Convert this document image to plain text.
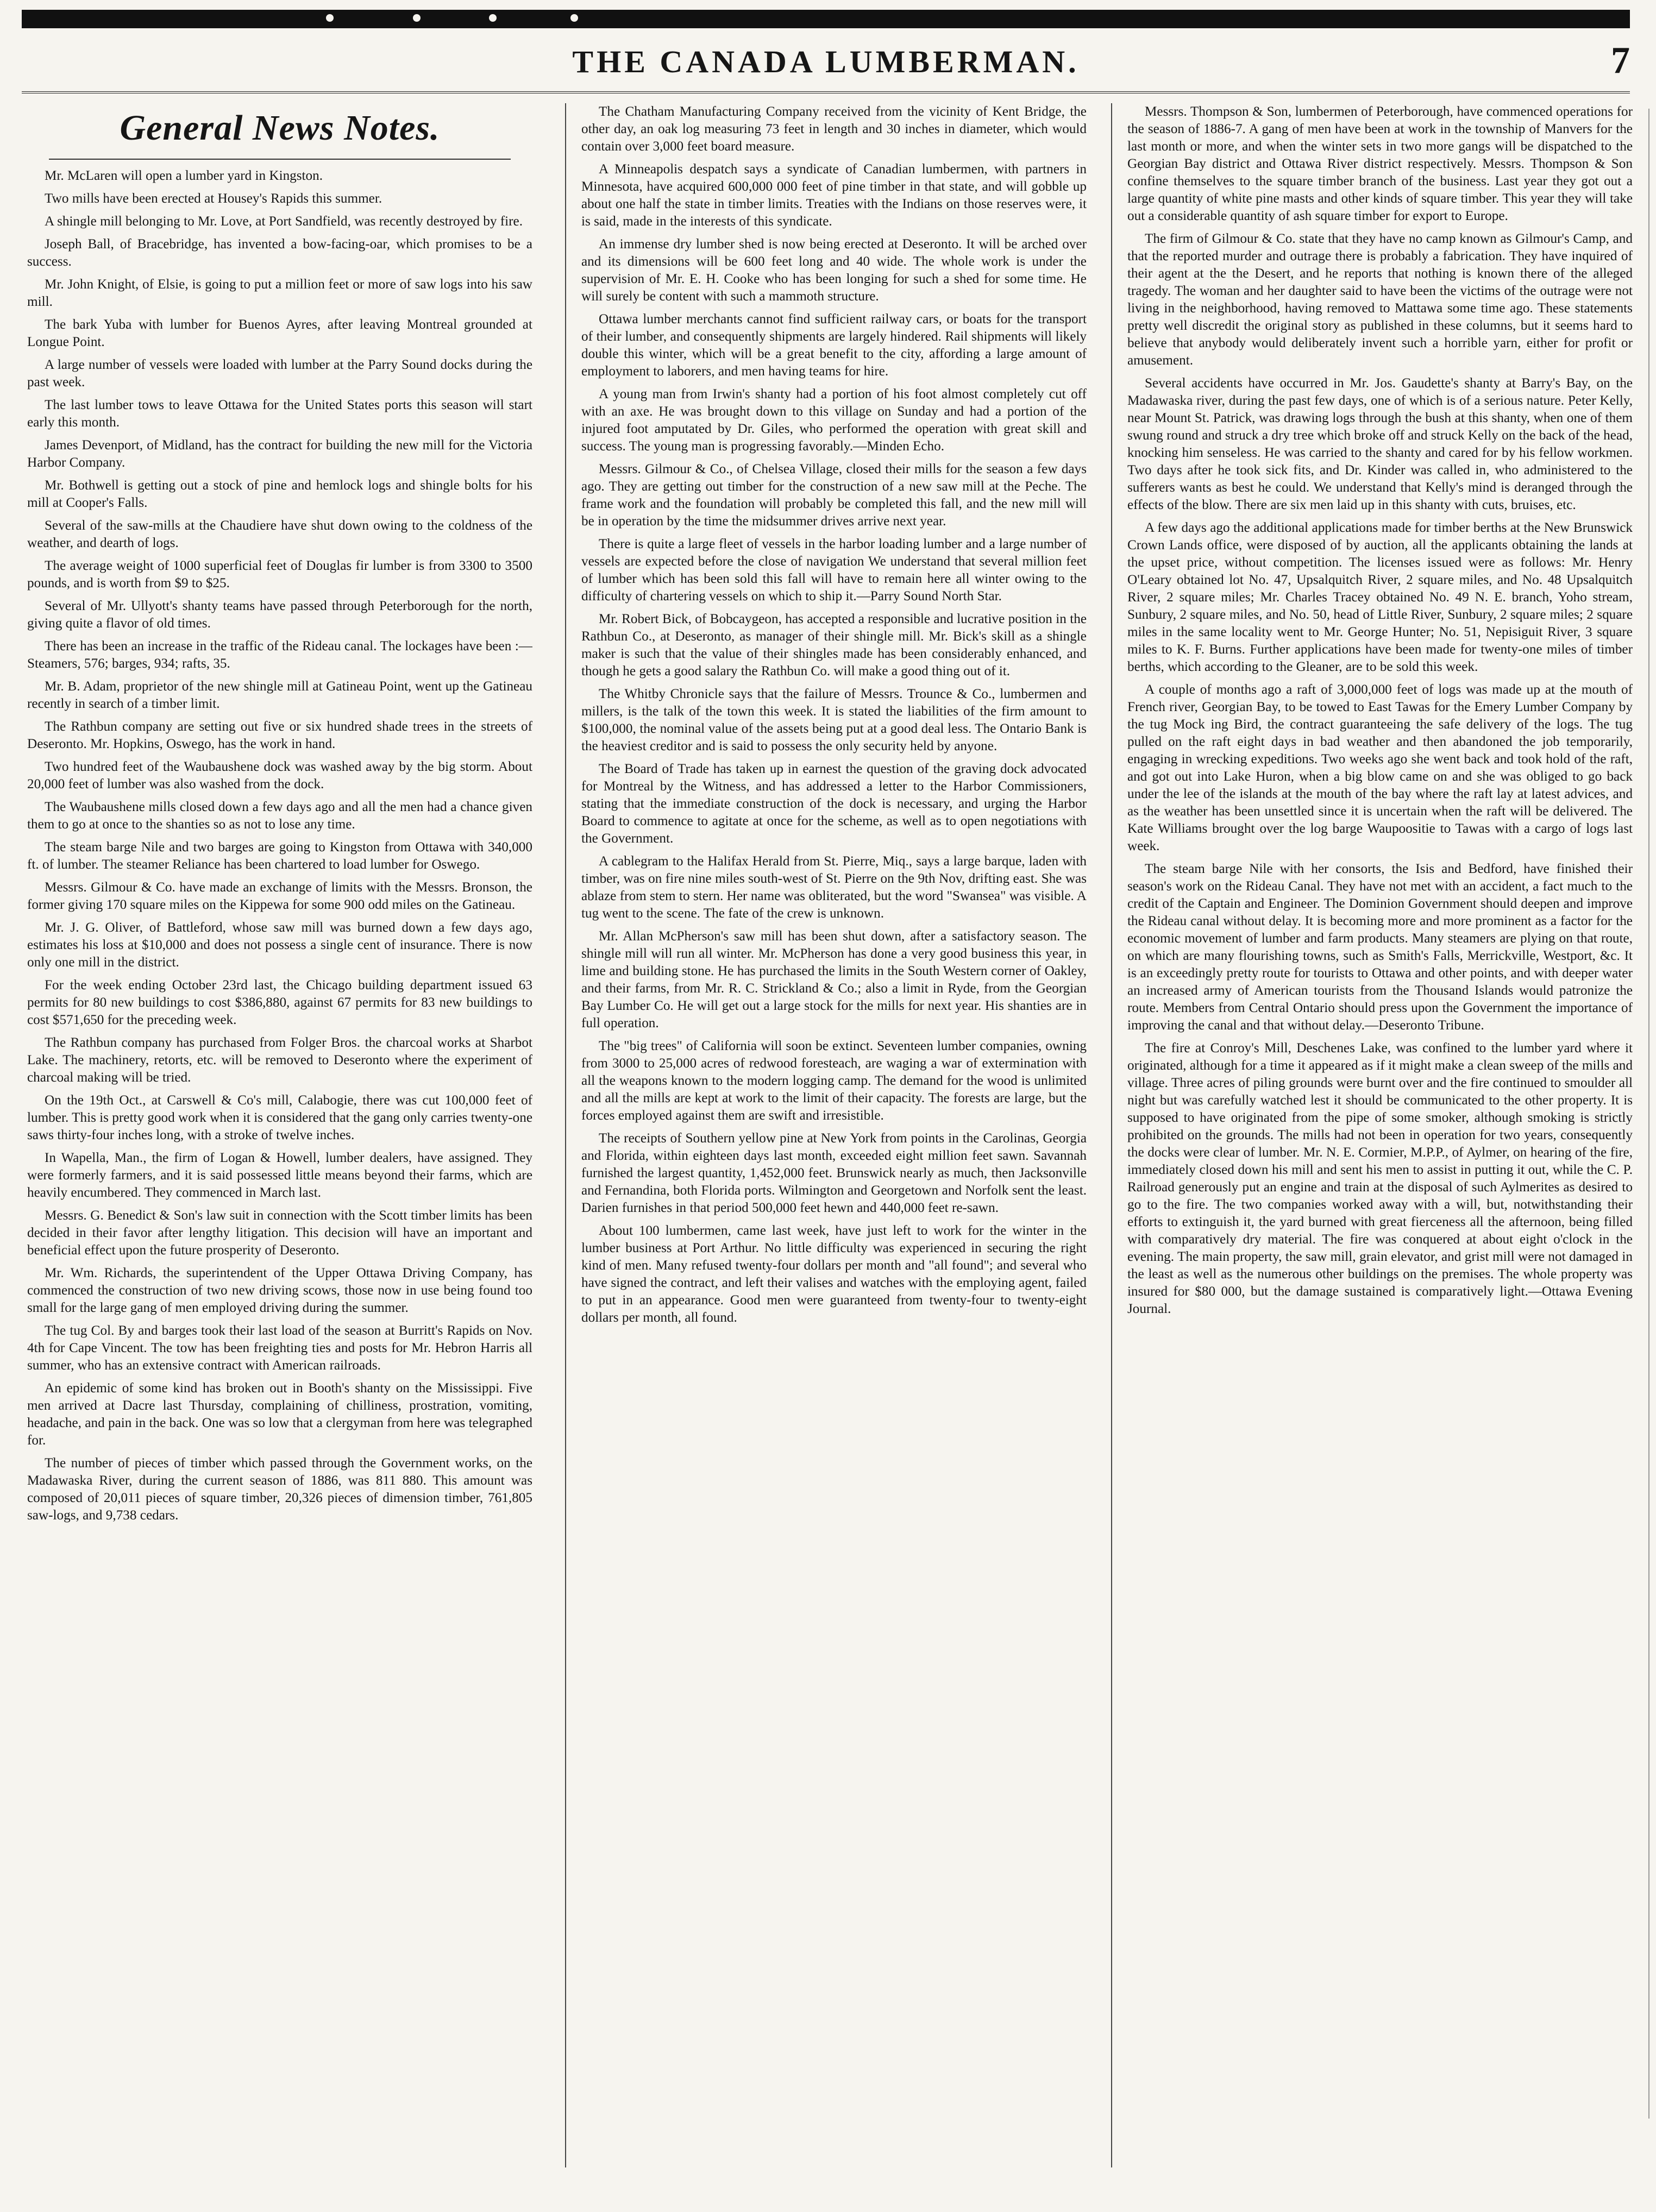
THE CANADA LUMBERMAN.	7
General News Notes.

Mr. McLaren will open a lumber yard in Kingston.

Two mills have been erected at Housey's Rapids this summer.

A shingle mill belonging to Mr. Love, at Port Sandfield, was recently destroyed by fire.

Joseph Ball, of Bracebridge, has invented a bow-facing-oar, which promises to be a success.

Mr. John Knight, of Elsie, is going to put a million feet or more of saw logs into his saw mill.

The bark Yuba with lumber for Buenos Ayres, after leaving Montreal grounded at Longue Point.

A large number of vessels were loaded with lumber at the Parry Sound docks during the past week.

The last lumber tows to leave Ottawa for the United States ports this season will start early this month.

James Devenport, of Midland, has the contract for building the new mill for the Victoria Harbor Company.

Mr. Bothwell is getting out a stock of pine and hemlock logs and shingle bolts for his mill at Cooper's Falls.

Several of the saw-mills at the Chaudiere have shut down owing to the coldness of the weather, and dearth of logs.

The average weight of 1000 superficial feet of Douglas fir lumber is from 3300 to 3500 pounds, and is worth from $9 to $25.

Several of Mr. Ullyott's shanty teams have passed through Peterborough for the north, giving quite a flavor of old times.

There has been an increase in the traffic of the Rideau canal. The lockages have been :—Steamers, 576; barges, 934; rafts, 35.

Mr. B. Adam, proprietor of the new shingle mill at Gatineau Point, went up the Gatineau recently in search of a timber limit.

The Rathbun company are setting out five or six hundred shade trees in the streets of Deseronto. Mr. Hopkins, Oswego, has the work in hand.

Two hundred feet of the Waubaushene dock was washed away by the big storm. About 20,000 feet of lumber was also washed from the dock.

The Waubaushene mills closed down a few days ago and all the men had a chance given them to go at once to the shanties so as not to lose any time.

The steam barge Nile and two barges are going to Kingston from Ottawa with 340,000 ft. of lumber. The steamer Reliance has been chartered to load lumber for Oswego.

Messrs. Gilmour & Co. have made an exchange of limits with the Messrs. Bronson, the former giving 170 square miles on the Kippewa for some 900 odd miles on the Gatineau.

Mr. J. G. Oliver, of Battleford, whose saw mill was burned down a few days ago, estimates his loss at $10,000 and does not possess a single cent of insurance. There is now only one mill in the district.

For the week ending October 23rd last, the Chicago building department issued 63 permits for 80 new buildings to cost $386,880, against 67 permits for 83 new buildings to cost $571,650 for the preceding week.

The Rathbun company has purchased from Folger Bros. the charcoal works at Sharbot Lake. The machinery, retorts, etc. will be removed to Deseronto where the experiment of charcoal making will be tried.

On the 19th Oct., at Carswell & Co's mill, Calabogie, there was cut 100,000 feet of lumber. This is pretty good work when it is considered that the gang only carries twenty-one saws thirty-four inches long, with a stroke of twelve inches.

In Wapella, Man., the firm of Logan & Howell, lumber dealers, have assigned. They were formerly farmers, and it is said possessed little means beyond their farms, which are heavily encumbered. They commenced in March last.

Messrs. G. Benedict & Son's law suit in connection with the Scott timber limits has been decided in their favor after lengthy litigation. This decision will have an important and beneficial effect upon the future prosperity of Deseronto.

Mr. Wm. Richards, the superintendent of the Upper Ottawa Driving Company, has commenced the construction of two new driving scows, those now in use being found too small for the large gang of men employed driving during the summer.

The tug Col. By and barges took their last load of the season at Burritt's Rapids on Nov. 4th for Cape Vincent. The tow has been freighting ties and posts for Mr. Hebron Harris all summer, who has an extensive contract with American railroads.

An epidemic of some kind has broken out in Booth's shanty on the Mississippi. Five men arrived at Dacre last Thursday, complaining of chilliness, prostration, vomiting, headache, and pain in the back. One was so low that a clergyman from here was telegraphed for.

The number of pieces of timber which passed through the Government works, on the Madawaska River, during the current season of 1886, was 811 880. This amount was composed of 20,011 pieces of square timber, 20,326 pieces of dimension timber, 761,805 saw-logs, and 9,738 cedars.

The Chatham Manufacturing Company received from the vicinity of Kent Bridge, the other day, an oak log measuring 73 feet in length and 30 inches in diameter, which would contain over 3,000 feet board measure.

A Minneapolis despatch says a syndicate of Canadian lumbermen, with partners in Minnesota, have acquired 600,000 000 feet of pine timber in that state, and will gobble up about one half the state in timber limits. Treaties with the Indians on those reserves were, it is said, made in the interests of this syndicate.

An immense dry lumber shed is now being erected at Deseronto. It will be arched over and its dimensions will be 600 feet long and 40 wide. The whole work is under the supervision of Mr. E. H. Cooke who has been longing for such a shed for some time. He will surely be content with such a mammoth structure.

Ottawa lumber merchants cannot find sufficient railway cars, or boats for the transport of their lumber, and consequently shipments are largely hindered. Rail shipments will likely double this winter, which will be a great benefit to the city, affording a large amount of employment to laborers, and men having teams for hire.

A young man from Irwin's shanty had a portion of his foot almost completely cut off with an axe. He was brought down to this village on Sunday and had a portion of the injured foot amputated by Dr. Giles, who performed the operation with great skill and success. The young man is progressing favorably.—Minden Echo.

Messrs. Gilmour & Co., of Chelsea Village, closed their mills for the season a few days ago. They are getting out timber for the construction of a new saw mill at the Peche. The frame work and the foundation will probably be completed this fall, and the new mill will be in operation by the time the midsummer drives arrive next year.

There is quite a large fleet of vessels in the harbor loading lumber and a large number of vessels are expected before the close of navigation We understand that several million feet of lumber which has been sold this fall will have to remain here all winter owing to the difficulty of chartering vessels on which to ship it.—Parry Sound North Star.

Mr. Robert Bick, of Bobcaygeon, has accepted a responsible and lucrative position in the Rathbun Co., at Deseronto, as manager of their shingle mill. Mr. Bick's skill as a shingle maker is such that the value of their shingles made has been considerably enhanced, and though he gets a good salary the Rathbun Co. will make a good thing out of it.

The Whitby Chronicle says that the failure of Messrs. Trounce & Co., lumbermen and millers, is the talk of the town this week. It is stated the liabilities of the firm amount to $100,000, the nominal value of the assets being put at a good deal less. The Ontario Bank is the heaviest creditor and is said to possess the only security held by anyone.

The Board of Trade has taken up in earnest the question of the graving dock advocated for Montreal by the Witness, and has addressed a letter to the Harbor Commissioners, stating that the immediate construction of the dock is necessary, and urging the Harbor Board to commence to agitate at once for the scheme, as well as to open negotiations with the Government.

A cablegram to the Halifax Herald from St. Pierre, Miq., says a large barque, laden with timber, was on fire nine miles south-west of St. Pierre on the 9th Nov, drifting east. She was ablaze from stem to stern. Her name was obliterated, but the word "Swansea" was visible. A tug went to the scene. The fate of the crew is unknown.

Mr. Allan McPherson's saw mill has been shut down, after a satisfactory season. The shingle mill will run all winter. Mr. McPherson has done a very good business this year, in lime and building stone. He has purchased the limits in the South Western corner of Oakley, and their farms, from Mr. R. C. Strickland & Co.; also a limit in Ryde, from the Georgian Bay Lumber Co. He will get out a large stock for the mills for next year. His shanties are in full operation.

The "big trees" of California will soon be extinct. Seventeen lumber companies, owning from 3000 to 25,000 acres of redwood foresteach, are waging a war of extermination with all the weapons known to the modern logging camp. The demand for the wood is unlimited and all the mills are kept at work to the limit of their capacity. The forests are large, but the forces employed against them are swift and irresistible.

The receipts of Southern yellow pine at New York from points in the Carolinas, Georgia and Florida, within eighteen days last month, exceeded eight million feet sawn. Savannah furnished the largest quantity, 1,452,000 feet. Brunswick nearly as much, then Jacksonville and Fernandina, both Florida ports. Wilmington and Georgetown and Norfolk sent the least. Darien furnishes in that period 500,000 feet hewn and 440,000 feet re-sawn.

About 100 lumbermen, came last week, have just left to work for the winter in the lumber business at Port Arthur. No little difficulty was experienced in securing the right kind of men. Many refused twenty-four dollars per month and "all found"; and several who have signed the contract, and left their valises and watches with the employing agent, failed to put in an appearance. Good men were guaranteed from twenty-four to twenty-eight dollars per month, all found.

Messrs. Thompson & Son, lumbermen of Peterborough, have commenced operations for the season of 1886-7. A gang of men have been at work in the township of Manvers for the last month or more, and when the winter sets in two more gangs will be dispatched to the Georgian Bay district and Ottawa River district respectively. Messrs. Thompson & Son confine themselves to the square timber branch of the business. Last year they got out a large quantity of white pine masts and other kinds of square timber. This year they will take out a considerable quantity of ash square timber for export to Europe.

The firm of Gilmour & Co. state that they have no camp known as Gilmour's Camp, and that the reported murder and outrage there is probably a fabrication. They have inquired of their agent at the the Desert, and he reports that nothing is known there of the alleged tragedy. The woman and her daughter said to have been the victims of the outrage were not living in the neighborhood, having removed to Mattawa some time ago. These statements pretty well discredit the original story as published in these columns, but it seems hard to believe that anybody would deliberately invent such a horrible yarn, either for profit or amusement.

Several accidents have occurred in Mr. Jos. Gaudette's shanty at Barry's Bay, on the Madawaska river, during the past few days, one of which is of a serious nature. Peter Kelly, near Mount St. Patrick, was drawing logs through the bush at this shanty, when one of them swung round and struck a dry tree which broke off and struck Kelly on the back of the head, knocking him senseless. He was carried to the shanty and cared for by his fellow workmen. Two days after he took sick fits, and Dr. Kinder was called in, who administered to the sufferers wants as best he could. We understand that Kelly's mind is deranged through the effects of the blow. There are six men laid up in this shanty with cuts, bruises, etc.

A few days ago the additional applications made for timber berths at the New Brunswick Crown Lands office, were disposed of by auction, all the applicants obtaining the lands at the upset price, without competition. The licenses issued were as follows: Mr. Henry O'Leary obtained lot No. 47, Upsalquitch River, 2 square miles, and No. 48 Upsalquitch River, 2 square miles; Mr. Charles Tracey obtained No. 49 N. E. branch, Yoho stream, Sunbury, 2 square miles, and No. 50, head of Little River, Sunbury, 2 square miles; 2 square miles in the same locality went to Mr. George Hunter; No. 51, Nepisiguit River, 3 square miles to K. F. Burns. Further applications have been made for twenty-one miles of timber berths, which according to the Gleaner, are to be sold this week.

A couple of months ago a raft of 3,000,000 feet of logs was made up at the mouth of French river, Georgian Bay, to be towed to East Tawas for the Emery Lumber Company by the tug Mock ing Bird, the contract guaranteeing the safe delivery of the logs. The tug pulled on the raft eight days in bad weather and then abandoned the job temporarily, engaging in wrecking expeditions. Two weeks ago she went back and took hold of the raft, and got out into Lake Huron, when a big blow came on and she was obliged to go back under the lee of the islands at the mouth of the bay where the raft lay at latest advices, and as the weather has been unsettled since it is uncertain when the raft will be delivered. The Kate Williams brought over the log barge Waupoositie to Tawas with a cargo of logs last week.

The steam barge Nile with her consorts, the Isis and Bedford, have finished their season's work on the Rideau Canal. They have not met with an accident, a fact much to the credit of the Captain and Engineer. The Dominion Government should deepen and improve the Rideau canal without delay. It is becoming more and more prominent as a factor for the economic movement of lumber and farm products. Many steamers are plying on that route, on which are many flourishing towns, such as Smith's Falls, Merrickville, Westport, &c. It is an exceedingly pretty route for tourists to Ottawa and other points, and with deeper water an increased army of American tourists from the Thousand Islands would patronize the route. Members from Central Ontario should press upon the Government the importance of improving the canal and that without delay.—Deseronto Tribune.

The fire at Conroy's Mill, Deschenes Lake, was confined to the lumber yard where it originated, although for a time it appeared as if it might make a clean sweep of the mills and village. Three acres of piling grounds were burnt over and the fire continued to smoulder all night but was carefully watched lest it should be communicated to the other property. It is supposed to have originated from the pipe of some smoker, although smoking is strictly prohibited on the grounds. The mills had not been in operation for two years, consequently the docks were clear of lumber. Mr. N. E. Cormier, M.P.P., of Aylmer, on hearing of the fire, immediately closed down his mill and sent his men to assist in putting it out, while the C. P. Railroad generously put an engine and train at the disposal of such Aylmerites as desired to go to the fire. The two companies worked away with a will, but, notwithstanding their efforts to extinguish it, the yard burned with great fierceness all the afternoon, being filled with comparatively dry material. The fire was conquered at about eight o'clock in the evening. The main property, the saw mill, grain elevator, and grist mill were not damaged in the least as well as the numerous other buildings on the premises. The whole property was insured for $80 000, but the damage sustained is comparatively light.—Ottawa Evening Journal.
